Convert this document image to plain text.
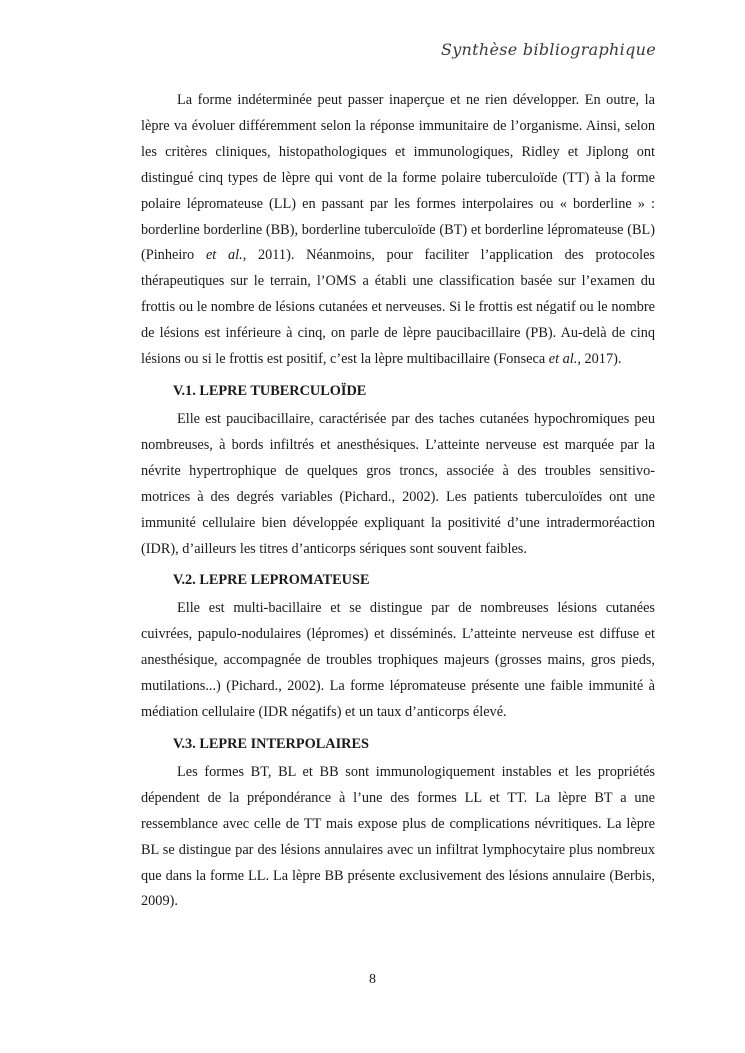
Synthèse bibliographique

La forme indéterminée peut passer inaperçue et ne rien développer. En outre, la lèpre va évoluer différemment selon la réponse immunitaire de l’organisme. Ainsi, selon les critères cliniques, histopathologiques et immunologiques, Ridley et Jiplong ont distingué cinq types de lèpre qui vont de la forme polaire tuberculoïde (TT) à la forme polaire lépromateuse (LL) en passant par les formes interpolaires ou « borderline » : borderline borderline (BB), borderline tuberculoïde (BT) et borderline lépromateuse (BL) (Pinheiro et al., 2011). Néanmoins, pour faciliter l’application des protocoles thérapeutiques sur le terrain, l’OMS a établi une classification basée sur l’examen du frottis ou le nombre de lésions cutanées et nerveuses. Si le frottis est négatif ou le nombre de lésions est inférieure à cinq, on parle de lèpre paucibacillaire (PB). Au-delà de cinq lésions ou si le frottis est positif, c’est la lèpre multibacillaire (Fonseca et al., 2017).

V.1. LEPRE TUBERCULOÏDE

Elle est paucibacillaire, caractérisée par des taches cutanées hypochromiques peu nombreuses, à bords infiltrés et anesthésiques. L’atteinte nerveuse est marquée par la névrite hypertrophique de quelques gros troncs, associée à des troubles sensitivo-motrices à des degrés variables (Pichard., 2002). Les patients tuberculoïdes ont une immunité cellulaire bien développée expliquant la positivité d’une intradermoréaction (IDR), d’ailleurs les titres d’anticorps sériques sont souvent faibles.

V.2. LEPRE LEPROMATEUSE

Elle est multi-bacillaire et se distingue par de nombreuses lésions cutanées cuivrées, papulo-nodulaires (lépromes) et disséminés. L’atteinte nerveuse est diffuse et anesthésique, accompagnée de troubles trophiques majeurs (grosses mains, gros pieds, mutilations...) (Pichard., 2002). La forme lépromateuse présente une faible immunité à médiation cellulaire (IDR négatifs) et un taux d’anticorps élevé.

V.3. LEPRE INTERPOLAIRES

Les formes BT, BL et BB sont immunologiquement instables et les propriétés dépendent de la prépondérance à l’une des formes LL et TT. La lèpre BT a une ressemblance avec celle de TT mais expose plus de complications névritiques. La lèpre BL se distingue par des lésions annulaires avec un infiltrat lymphocytaire plus nombreux que dans la forme LL. La lèpre BB présente exclusivement des lésions annulaire (Berbis, 2009).

8
